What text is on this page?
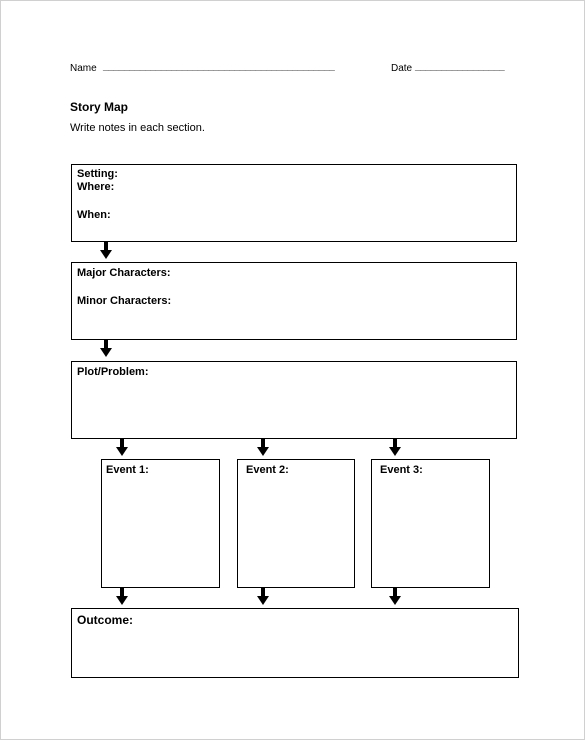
Name ____________________________________________	Date _________________
Story Map
Write notes in each section.
Setting:
Where:
When:
Major Characters:
Minor Characters:
Plot/Problem:
Event 1:	Event 2:	Event 3:
Outcome:
